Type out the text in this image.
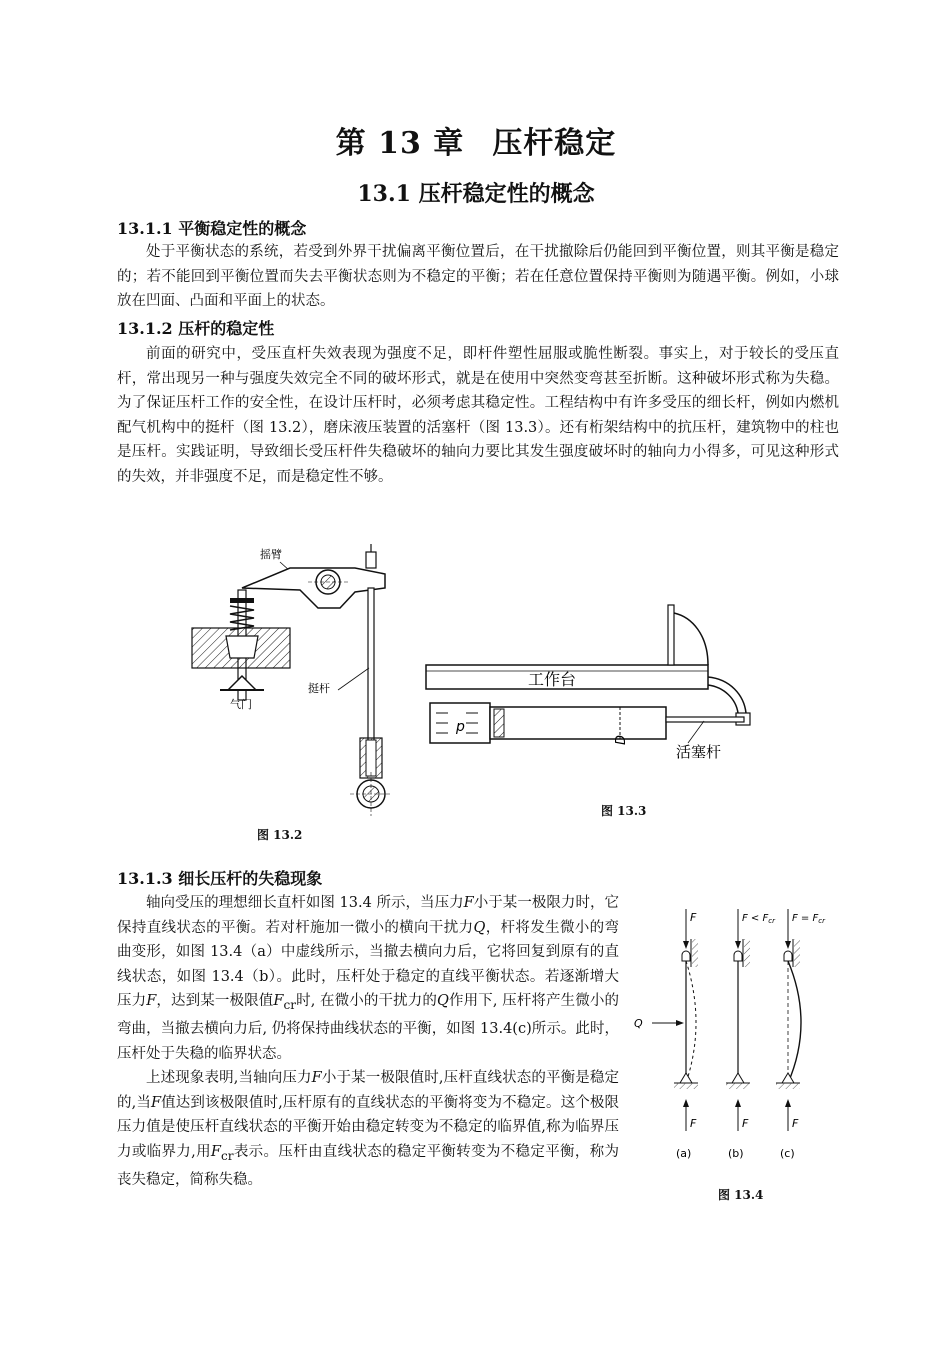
第 13 章 压杆稳定
13.1 压杆稳定性的概念
13.1.1 平衡稳定性的概念

处于平衡状态的系统，若受到外界干扰偏离平衡位置后，在干扰撤除后仍能回到平衡位置，则其平衡是稳定的；若不能回到平衡位置而失去平衡状态则为不稳定的平衡；若在任意位置保持平衡则为随遇平衡。例如，小球放在凹面、凸面和平面上的状态。

13.1.2 压杆的稳定性

前面的研究中，受压直杆失效表现为强度不足，即杆件塑性屈服或脆性断裂。事实上，对于较长的受压直杆，常出现另一种与强度失效完全不同的破坏形式，就是在使用中突然变弯甚至折断。这种破坏形式称为失稳。为了保证压杆工作的安全性，在设计压杆时，必须考虑其稳定性。工程结构中有许多受压的细长杆，例如内燃机配气机构中的挺杆（图 13.2），磨床液压装置的活塞杆（图 13.3）。还有桁架结构中的抗压杆，建筑物中的柱也是压杆。实践证明，导致细长受压杆件失稳破坏的轴向力要比其发生强度破坏时的轴向力小得多，可见这种形式的失效，并非强度不足，而是稳定性不够。

摇臂
气门
挺杆
图 13.2
工作台
p
D
活塞杆
图 13.3
13.1.3 细长压杆的失稳现象

轴向受压的理想细长直杆如图 13.4 所示，当压力F小于某一极限力时，它保持直线状态的平衡。若对杆施加一微小的横向干扰力Q，杆将发生微小的弯曲变形，如图 13.4（a）中虚线所示，当撤去横向力后，它将回复到原有的直线状态，如图 13.4（b）。此时，压杆处于稳定的直线平衡状态。若逐渐增大压力F，达到某一极限值$F_{cr}$时, 在微小的干扰力的Q作用下, 压杆将产生微小的弯曲，当撤去横向力后, 仍将保持曲线状态的平衡，如图 13.4(c)所示。此时，压杆处于失稳的临界状态。

上述现象表明,当轴向压力F小于某一极限值时,压杆直线状态的平衡是稳定的,当F值达到该极限值时,压杆原有的直线状态的平衡将变为不稳定。这个极限压力值是使压杆直线状态的平衡开始由稳定转变为不稳定的临界值,称为临界压力或临界力,用$F_{cr}$表示。压杆由直线状态的稳定平衡转变为不稳定平衡，称为丧失稳定，简称失稳。

F
F
(a)
Q
$F < F_{cr}$
F
(b)
$F = F_{cr}$
F
(c)
图 13.4
